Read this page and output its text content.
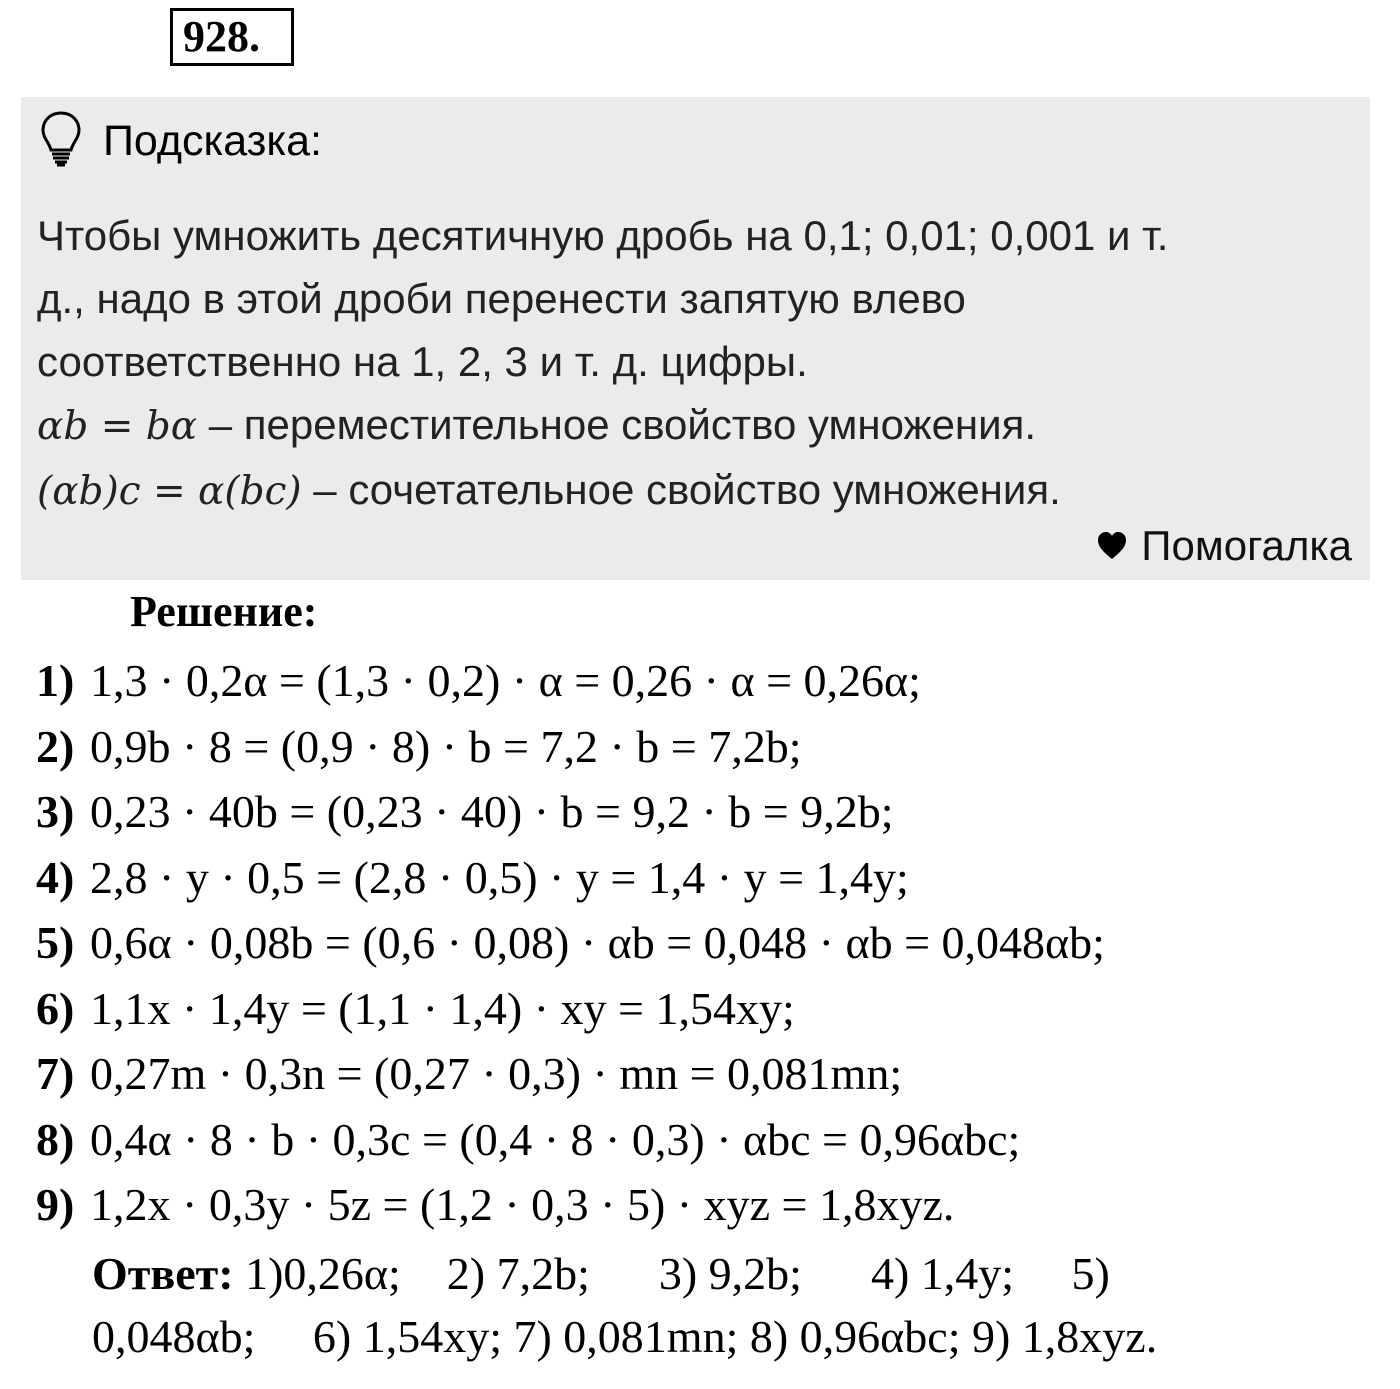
928.
Подсказка:
Чтобы умножить десятичную дробь на 0,1; 0,01; 0,001 и т.
д., надо в этой дроби перенести запятую влево
соответственно на 1, 2, 3 и т. д. цифры.
αb = bα – переместительное свойство умножения.
(αb)c = α(bc) – сочетательное свойство умножения.
Помогалка
Решение:
1) 1,3 · 0,2α = (1,3 · 0,2) · α = 0,26 · α = 0,26α;
2) 0,9b · 8 = (0,9 · 8) · b = 7,2 · b = 7,2b;
3) 0,23 · 40b = (0,23 · 40) · b = 9,2 · b = 9,2b;
4) 2,8 · y · 0,5 = (2,8 · 0,5) · y = 1,4 · y = 1,4y;
5) 0,6α · 0,08b = (0,6 · 0,08) · αb = 0,048 · αb = 0,048αb;
6) 1,1x · 1,4y = (1,1 · 1,4) · xy = 1,54xy;
7) 0,27m · 0,3n = (0,27 · 0,3) · mn = 0,081mn;
8) 0,4α · 8 · b · 0,3c = (0,4 · 8 · 0,3) · αbc = 0,96αbc;
9) 1,2x · 0,3y · 5z = (1,2 · 0,3 · 5) · xyz = 1,8xyz.
Ответ: 1)0,26α;    2) 7,2b;      3) 9,2b;      4) 1,4y;     5)
0,048αb;     6) 1,54xy; 7) 0,081mn; 8) 0,96αbc; 9) 1,8xyz.
